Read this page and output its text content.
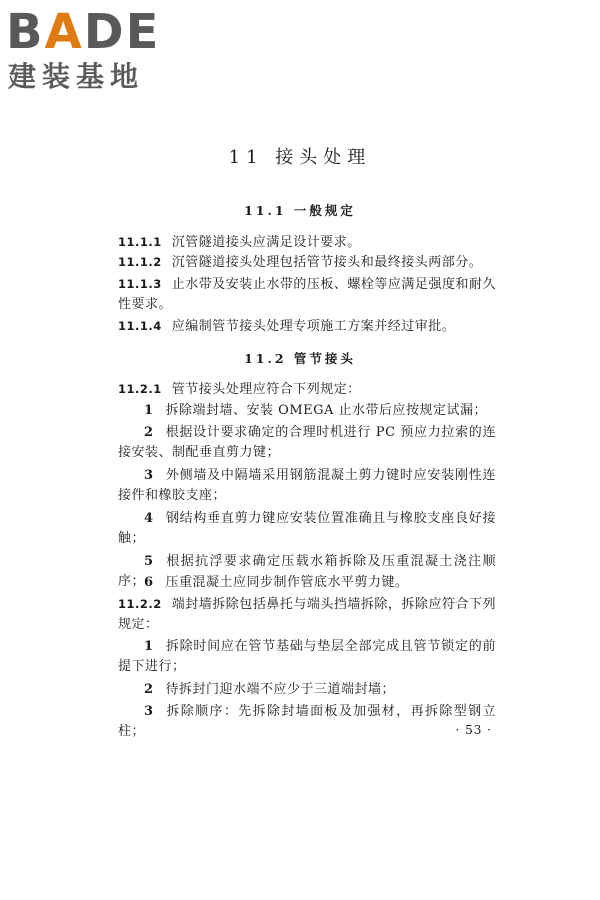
BADE
建装基地
11 接头处理
11.1 一般规定
11.1.1 沉管隧道接头应满足设计要求。
11.1.2 沉管隧道接头处理包括管节接头和最终接头两部分。
11.1.3 止水带及安装止水带的压板、螺栓等应满足强度和耐久性要求。
11.1.4 应编制管节接头处理专项施工方案并经过审批。
11.2 管节接头
11.2.1 管节接头处理应符合下列规定：
1 拆除端封墙、安装 OMEGA 止水带后应按规定试漏；
2 根据设计要求确定的合理时机进行 PC 预应力拉索的连接安装、制配垂直剪力键；
3 外侧墙及中隔墙采用钢筋混凝土剪力键时应安装刚性连接件和橡胶支座；
4 钢结构垂直剪力键应安装位置准确且与橡胶支座良好接触；
5 根据抗浮要求确定压载水箱拆除及压重混凝土浇注顺序；
6 压重混凝土应同步制作管底水平剪力键。
11.2.2 端封墙拆除包括鼻托与端头挡墙拆除，拆除应符合下列规定：
1 拆除时间应在管节基础与垫层全部完成且管节锁定的前提下进行；
2 待拆封门迎水端不应少于三道端封墙；
3 拆除顺序：先拆除封墙面板及加强材，再拆除型钢立柱；	· 53 ·
